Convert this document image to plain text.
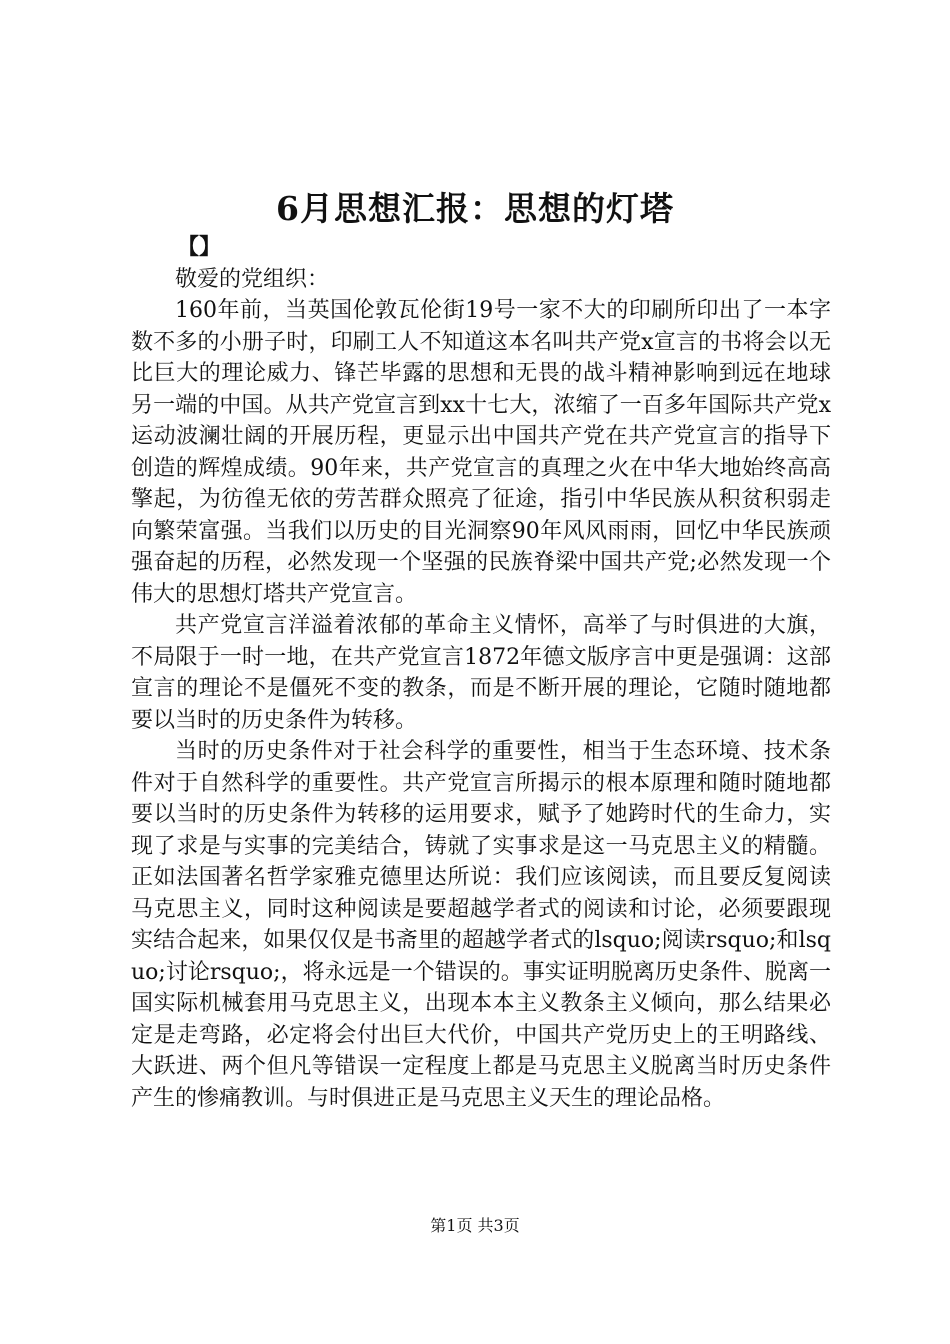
6月思想汇报：思想的灯塔
【】
敬爱的党组织：

160年前，当英国伦敦瓦伦街19号一家不大的印刷所印出了一本字数不多的小册子时，印刷工人不知道这本名叫共产党x宣言的书将会以无比巨大的理论威力、锋芒毕露的思想和无畏的战斗精神影响到远在地球另一端的中国。从共产党宣言到xx十七大，浓缩了一百多年国际共产党x运动波澜壮阔的开展历程，更显示出中国共产党在共产党宣言的指导下创造的辉煌成绩。90年来，共产党宣言的真理之火在中华大地始终高高擎起，为彷徨无依的劳苦群众照亮了征途，指引中华民族从积贫积弱走向繁荣富强。当我们以历史的目光洞察90年风风雨雨，回忆中华民族顽强奋起的历程，必然发现一个坚强的民族脊梁中国共产党;必然发现一个伟大的思想灯塔共产党宣言。

共产党宣言洋溢着浓郁的革命主义情怀，高举了与时俱进的大旗，不局限于一时一地，在共产党宣言1872年德文版序言中更是强调：这部宣言的理论不是僵死不变的教条，而是不断开展的理论，它随时随地都要以当时的历史条件为转移。

当时的历史条件对于社会科学的重要性，相当于生态环境、技术条件对于自然科学的重要性。共产党宣言所揭示的根本原理和随时随地都要以当时的历史条件为转移的运用要求，赋予了她跨时代的生命力，实现了求是与实事的完美结合，铸就了实事求是这一马克思主义的精髓。正如法国著名哲学家雅克德里达所说：我们应该阅读，而且要反复阅读马克思主义，同时这种阅读是要超越学者式的阅读和讨论，必须要跟现实结合起来，如果仅仅是书斋里的超越学者式的lsquo;阅读rsquo;和lsquo;讨论rsquo;，将永远是一个错误的。事实证明脱离历史条件、脱离一国实际机械套用马克思主义，出现本本主义教条主义倾向，那么结果必定是走弯路，必定将会付出巨大代价，中国共产党历史上的王明路线、大跃进、两个但凡等错误一定程度上都是马克思主义脱离当时历史条件产生的惨痛教训。与时俱进正是马克思主义天生的理论品格。

第1页 共3页
